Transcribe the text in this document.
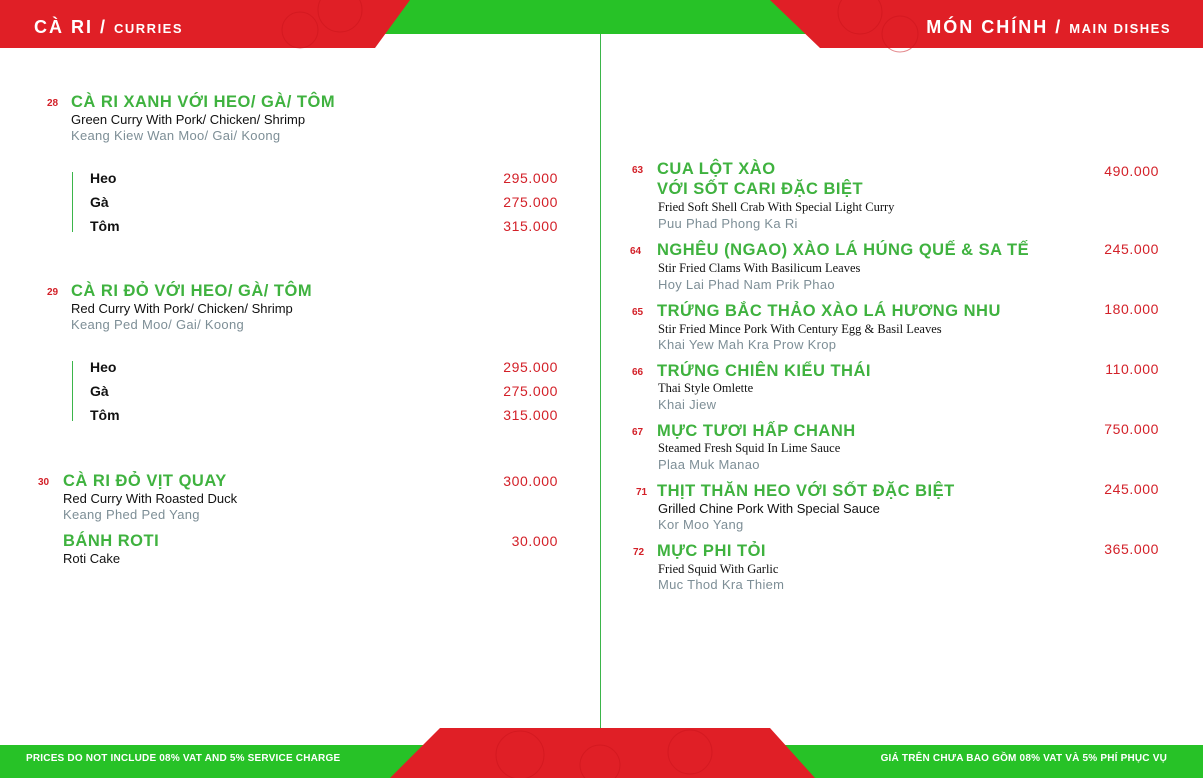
CÀ RI / CURRIES	MÓN CHÍNH / MAIN DISHES
28 CÀ RI XANH VỚI HEO/ GÀ/ TÔM
Green Curry With Pork/ Chicken/ Shrimp
Keang Kiew Wan Moo/ Gai/ Koong
Heo	295.000
Gà	275.000
Tôm	315.000
29 CÀ RI ĐỎ VỚI HEO/ GÀ/ TÔM
Red Curry With Pork/ Chicken/ Shrimp
Keang Ped Moo/ Gai/ Koong
Heo	295.000
Gà	275.000
Tôm	315.000
30 CÀ RI ĐỎ VỊT QUAY
Red Curry With Roasted Duck
Keang Phed Ped Yang
300.000
BÁNH ROTI
Roti Cake
30.000
63 CUA LỘT XÀO
VỚI SỐT CARI ĐẶC BIỆT
Fried Soft Shell Crab With Special Light Curry
Puu Phad Phong Ka Ri
490.000
64 NGHÊU (NGAO) XÀO LÁ HÚNG QUẾ & SA TẾ
Stir Fried Clams With Basilicum Leaves
Hoy Lai Phad Nam Prik Phao
245.000
65 TRỨNG BẮC THẢO XÀO LÁ HƯƠNG NHU
Stir Fried Mince Pork With Century Egg & Basil Leaves
Khai Yew Mah Kra Prow Krop
180.000
66 TRỨNG CHIÊN KIỂU THÁI
Thai Style Omlette
Khai Jiew
110.000
67 MỰC TƯƠI HẤP CHANH
Steamed Fresh Squid In Lime Sauce
Plaa Muk Manao
750.000
71 THỊT THĂN HEO VỚI SỐT ĐẶC BIỆT
Grilled Chine Pork With Special Sauce
Kor Moo Yang
245.000
72 MỰC PHI TỎI
Fried Squid With Garlic
Muc Thod Kra Thiem
365.000
PRICES DO NOT INCLUDE 08% VAT AND 5% SERVICE CHARGE	GIÁ TRÊN CHƯA BAO GỒM 08% VAT VÀ 5% PHÍ PHỤC VỤ
